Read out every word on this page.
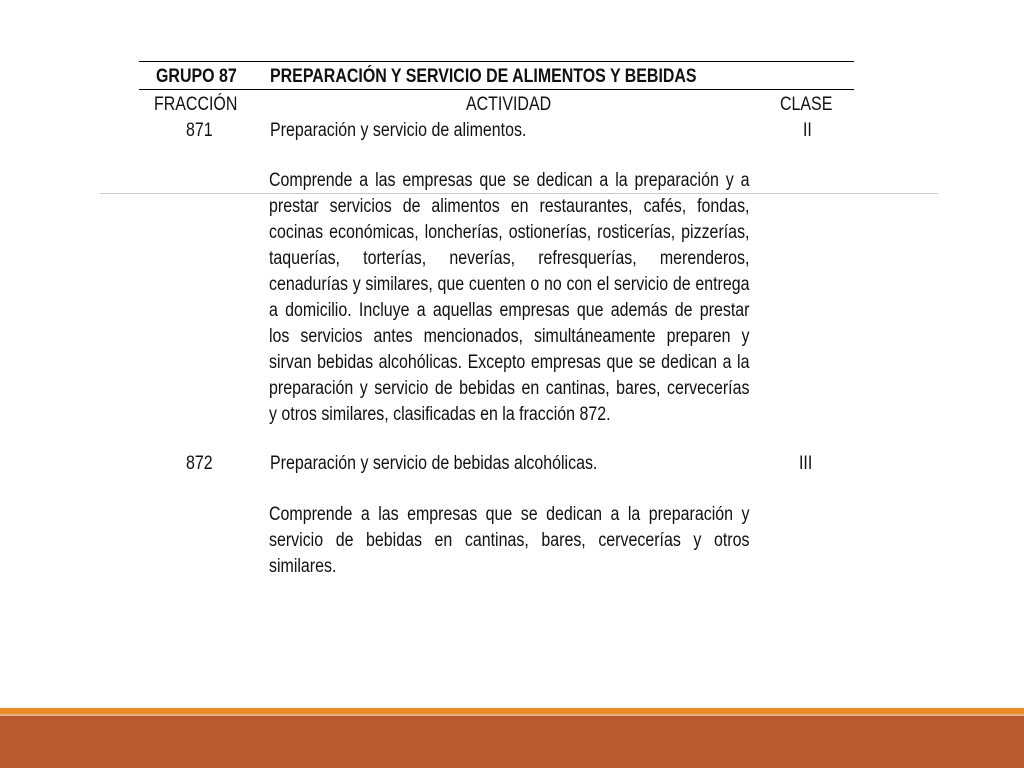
GRUPO 87 PREPARACIÓN Y SERVICIO DE ALIMENTOS Y BEBIDAS
FRACCIÓN	ACTIVIDAD	CLASE
871	Preparación y servicio de alimentos.	II
Comprende a las empresas que se dedican a la preparación y a
prestar servicios de alimentos en restaurantes, cafés, fondas,
cocinas económicas, loncherías, ostionerías, rosticerías, pizzerías,
taquerías, torterías, neverías, refresquerías, merenderos,
cenadurías y similares, que cuenten o no con el servicio de entrega
a domicilio. Incluye a aquellas empresas que además de prestar
los servicios antes mencionados, simultáneamente preparen y
sirvan bebidas alcohólicas. Excepto empresas que se dedican a la
preparación y servicio de bebidas en cantinas, bares, cervecerías
y otros similares, clasificadas en la fracción 872.
872	Preparación y servicio de bebidas alcohólicas.	III
Comprende a las empresas que se dedican a la preparación y
servicio de bebidas en cantinas, bares, cervecerías y otros
similares.
